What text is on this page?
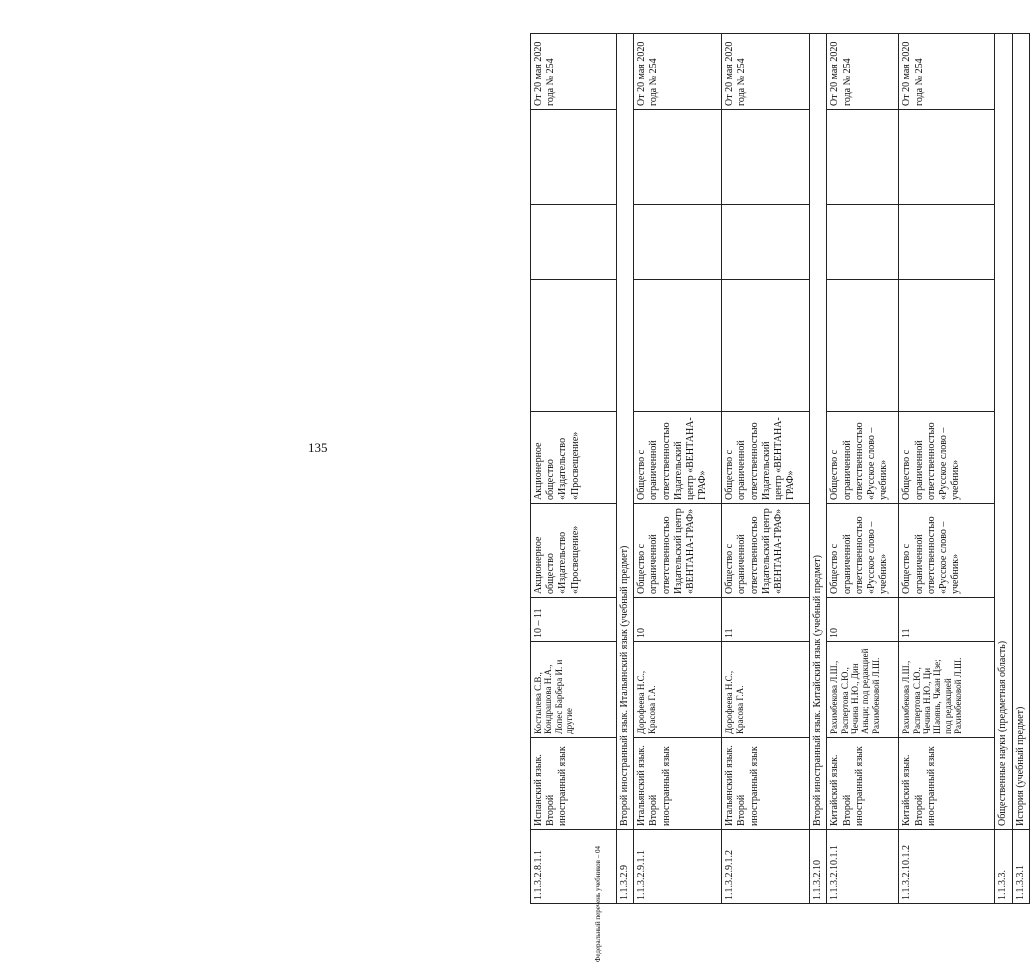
135
Федеральный перечень учебников – 04
1.1.3.2.8.1.1	Испанский язык. Второй иностранный язык	Костылева С.В., Кондрашова Н.А., Лопес Барбера И. и другие	10 – 11	Акционерное общество «Издательство «Просвещение»	Акционерное общество «Издательство «Просвещение»				От 20 мая 2020 года № 254
1.1.3.2.9	Второй иностранный язык. Итальянский язык (учебный предмет)								
1.1.3.2.9.1.1	Итальянский язык. Второй иностранный язык	Дорофеева Н.С., Красова Г.А.	10	Общество с ограниченной ответственностью Издательский центр «ВЕНТАНА-ГРАФ»	Общество с ограниченной ответственностью Издательский центр «ВЕНТАНА-ГРАФ»				От 20 мая 2020 года № 254
1.1.3.2.9.1.2	Итальянский язык. Второй иностранный язык	Дорофеева Н.С., Красова Г.А.	11	Общество с ограниченной ответственностью Издательский центр «ВЕНТАНА-ГРАФ»	Общество с ограниченной ответственностью Издательский центр «ВЕНТАНА-ГРАФ»				От 20 мая 2020 года № 254
1.1.3.2.10	Второй иностранный язык. Китайский язык (учебный предмет)								
1.1.3.2.10.1.1	Китайский язык. Второй иностранный язык	Рахимбекова Л.Ш., Распертова С.Ю., Чечина Н.Ю., Дин Аньци; под редакцией Рахимбековой Л.Ш.	10	Общество с ограниченной ответственностью «Русское слово – учебник»	Общество с ограниченной ответственностью «Русское слово – учебник»				От 20 мая 2020 года № 254
1.1.3.2.10.1.2	Китайский язык. Второй иностранный язык	Рахимбекова Л.Ш., Распертова С.Ю., Чечина Н.Ю., Ци Шаоянь, Чжан Цзе; под редакцией Рахимбековой Л.Ш.	11	Общество с ограниченной ответственностью «Русское слово – учебник»	Общество с ограниченной ответственностью «Русское слово – учебник»				От 20 мая 2020 года № 254
1.1.3.3.	Общественные науки (предметная область)								
1.1.3.3.1	История (учебный предмет)								
